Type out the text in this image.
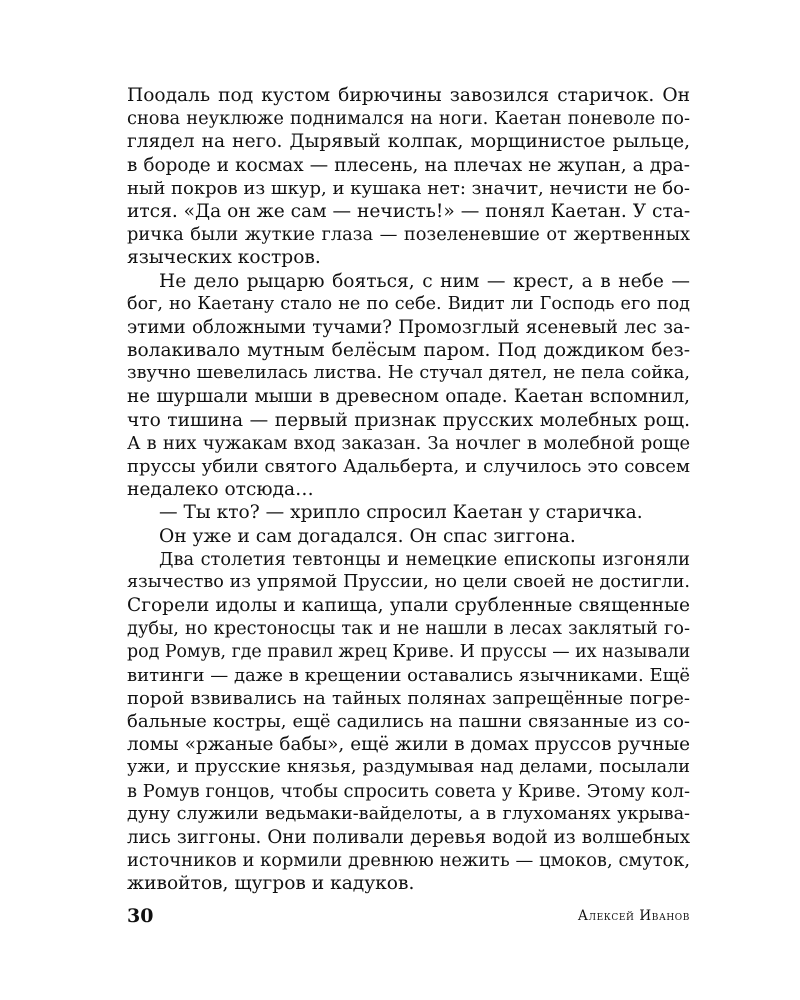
Поодаль под кустом бирючины завозился старичок. Он
снова неуклюже поднимался на ноги. Каетан поневоле по-
глядел на него. Дырявый колпак, морщинистое рыльце,
в бороде и космах — плесень, на плечах не жупан, а дра-
ный покров из шкур, и кушака нет: значит, нечисти не бо-
ится. «Да он же сам — нечисть!» — понял Каетан. У ста-
ричка были жуткие глаза — позеленевшие от жертвенных
языческих костров.
Не дело рыцарю бояться, с ним — крест, а в небе —
бог, но Каетану стало не по себе. Видит ли Господь его под
этими обложными тучами? Промозглый ясеневый лес за-
волакивало мутным белёсым паром. Под дождиком без-
звучно шевелилась листва. Не стучал дятел, не пела сойка,
не шуршали мыши в древесном опаде. Каетан вспомнил,
что тишина — первый признак прусских молебных рощ.
А в них чужакам вход заказан. За ночлег в молебной роще
пруссы убили святого Адальберта, и случилось это совсем
недалеко отсюда…
— Ты кто? — хрипло спросил Каетан у старичка.
Он уже и сам догадался. Он спас зиггона.
Два столетия тевтонцы и немецкие епископы изгоняли
язычество из упрямой Пруссии, но цели своей не достигли.
Сгорели идолы и капища, упали срубленные священные
дубы, но крестоносцы так и не нашли в лесах заклятый го-
род Ромув, где правил жрец Криве. И пруссы — их называли
витинги — даже в крещении оставались язычниками. Ещё
порой взвивались на тайных полянах запрещённые погре-
бальные костры, ещё садились на пашни связанные из со-
ломы «ржаные бабы», ещё жили в домах пруссов ручные
ужи, и прусские князья, раздумывая над делами, посылали
в Ромув гонцов, чтобы спросить совета у Криве. Этому кол-
дуну служили ведьмаки-вайделоты, а в глухоманях укрыва-
лись зиггоны. Они поливали деревья водой из волшебных
источников и кормили древнюю нежить — цмоков, смуток,
живойтов, щугров и кадуков.
30	Алексей Иванов
